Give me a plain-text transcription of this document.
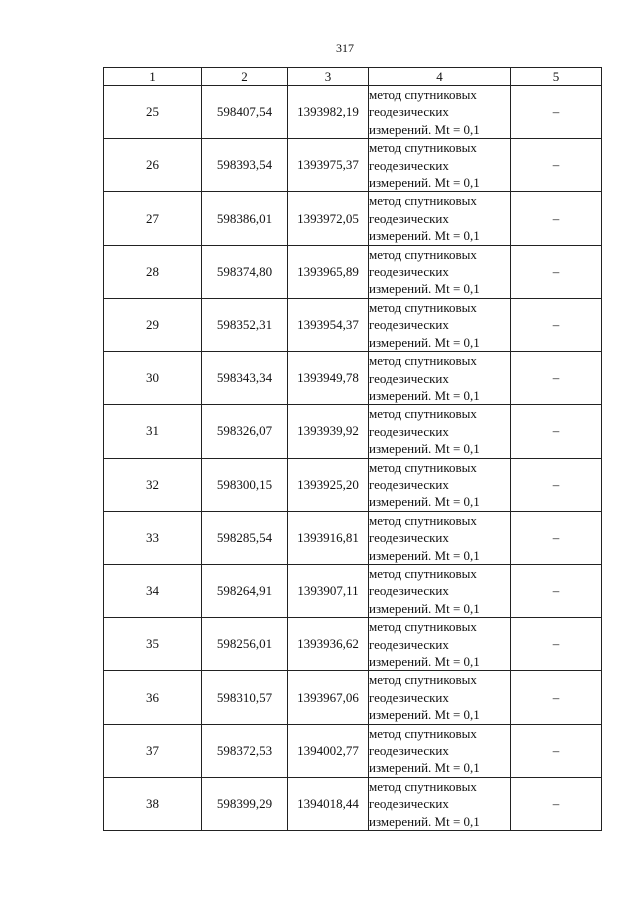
317
1	2	3	4	5
25	598407,54	1393982,19	метод спутниковых
геодезических
измерений. Mt = 0,1	–
26	598393,54	1393975,37	метод спутниковых
геодезических
измерений. Mt = 0,1	–
27	598386,01	1393972,05	метод спутниковых
геодезических
измерений. Mt = 0,1	–
28	598374,80	1393965,89	метод спутниковых
геодезических
измерений. Mt = 0,1	–
29	598352,31	1393954,37	метод спутниковых
геодезических
измерений. Mt = 0,1	–
30	598343,34	1393949,78	метод спутниковых
геодезических
измерений. Mt = 0,1	–
31	598326,07	1393939,92	метод спутниковых
геодезических
измерений. Mt = 0,1	–
32	598300,15	1393925,20	метод спутниковых
геодезических
измерений. Mt = 0,1	–
33	598285,54	1393916,81	метод спутниковых
геодезических
измерений. Mt = 0,1	–
34	598264,91	1393907,11	метод спутниковых
геодезических
измерений. Mt = 0,1	–
35	598256,01	1393936,62	метод спутниковых
геодезических
измерений. Mt = 0,1	–
36	598310,57	1393967,06	метод спутниковых
геодезических
измерений. Mt = 0,1	–
37	598372,53	1394002,77	метод спутниковых
геодезических
измерений. Mt = 0,1	–
38	598399,29	1394018,44	метод спутниковых
геодезических
измерений. Mt = 0,1	–
